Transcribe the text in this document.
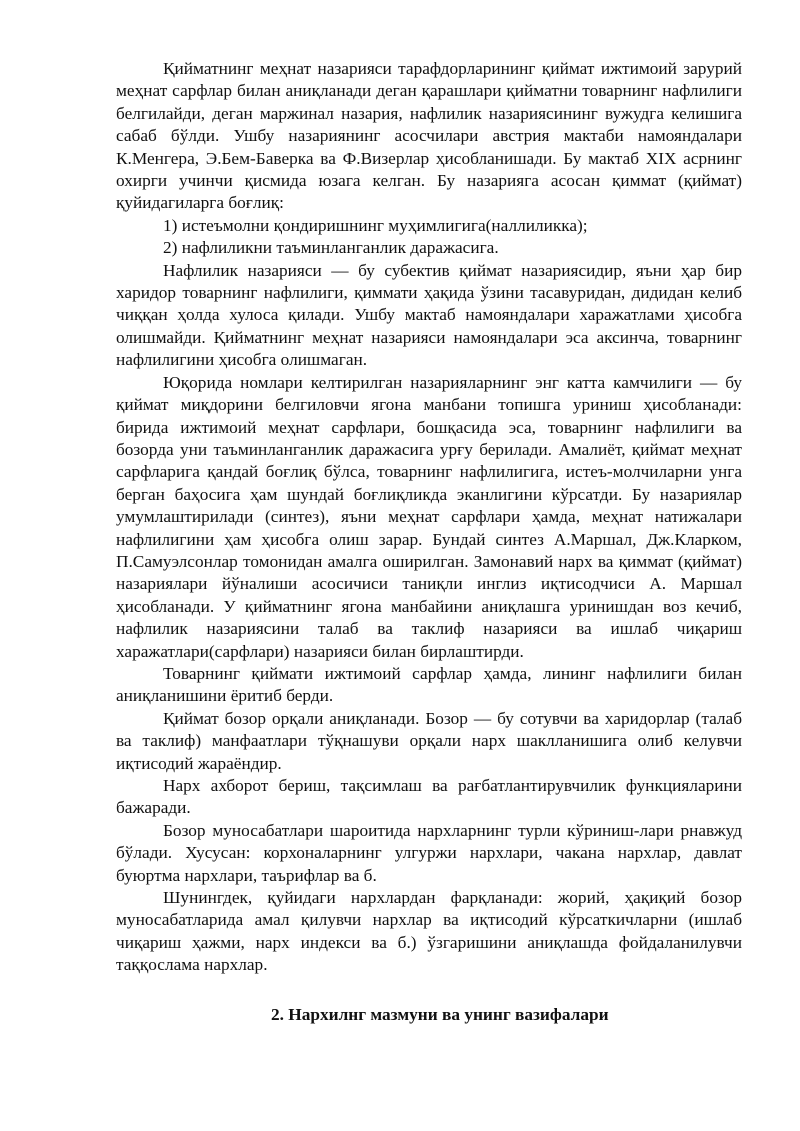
Қийматнинг меҳнат назарияси тарафдорларининг қиймат ижтимоий зарурий меҳнат сарфлар билан аниқланади деган қарашлари қийматни товарнинг нафлилиги белгилайди, деган маржинал назария, нафлилик назариясининг вужудга келишига сабаб бўлди. Ушбу назариянинг асосчилари австрия мактаби намояндалари К.Менгера, Э.Бем-Баверка ва Ф.Визерлар ҳисобланишади. Бу мактаб XIX асрнинг охирги учинчи қисмида юзага келган. Бу назарияга асосан қиммат (қиймат) қуйидагиларга боғлиқ:

1) истеъмолни қондиришнинг муҳимлигига(наллиликка);

2) нафлиликни таъминланганлик даражасига.

Нафлилик назарияси — бу субектив қиймат назариясидир, яъни ҳар бир харидор товарнинг нафлилиги, қиммати ҳақида ўзини тасавуридан, дидидан келиб чиққан ҳолда хулоса қилади. Ушбу мактаб намояндалари харажатлами ҳисобга олишмайди. Қийматнинг меҳнат назарияси намояндалари эса аксинча, товарнинг нафлилигини ҳисобга олишмаган.

Юқорида номлари келтирилган назарияларнинг энг катта камчилиги — бу қиймат миқдорини белгиловчи ягона манбани топишга уриниш ҳисобланади: бирида ижтимоий меҳнат сарфлари, бошқасида эса, товарнинг нафлилиги ва бозорда уни таъминланганлик даражасига урғу берилади. Амалиёт, қиймат меҳнат сарфларига қандай боғлиқ бўлса, товарнинг нафлилигига, истеъ-молчиларни унга берган баҳосига ҳам шундай боғлиқликда эканлигини кўрсатди. Бу назариялар умумлаштирилади (синтез), яъни меҳнат сарфлари ҳамда, меҳнат натижалари нафлилигини ҳам ҳисобга олиш зарар. Бундай синтез А.Маршал, Дж.Кларком, П.Самуэлсонлар томонидан амалга оширилган. Замонавий нарх ва қиммат (қиймат) назариялари йўналиши асосичиси таниқли инглиз иқтисодчиси А. Маршал ҳисобланади. У қийматнинг ягона манбайини аниқлашга уринишдан воз кечиб, нафлилик назариясини талаб ва таклиф назарияси ва ишлаб чиқариш харажатлари(сарфлари) назарияси билан бирлаштирди.

Товарнинг қиймати ижтимоий сарфлар ҳамда, лининг нафлилиги билан аниқланишини ёритиб берди.

Қиймат бозор орқали аниқланади. Бозор — бу сотувчи ва харидорлар (талаб ва таклиф) манфаатлари тўқнашуви орқали нарх шаклланишига олиб келувчи иқтисодий жараёндир.

Нарх ахборот бериш, тақсимлаш ва рағбатлантирувчилик функцияларини бажаради.

Бозор муносабатлари шароитида нархларнинг турли кўриниш-лари рнавжуд бўлади. Хусусан: корхоналарнинг улгуржи нархлари, чакана нархлар, давлат буюртма нархлари, таърифлар ва б.

Шунингдек, қуйидаги нархлардан фарқланади: жорий, ҳақиқий бозор муносабатларида амал қилувчи нархлар ва иқтисодий кўрсаткичларни (ишлаб чиқариш ҳажми, нарх индекси ва б.) ўзгаришини аниқлашда фойдаланилувчи таққослама нархлар.

2. Нархилнг мазмуни ва унинг вазифалари
